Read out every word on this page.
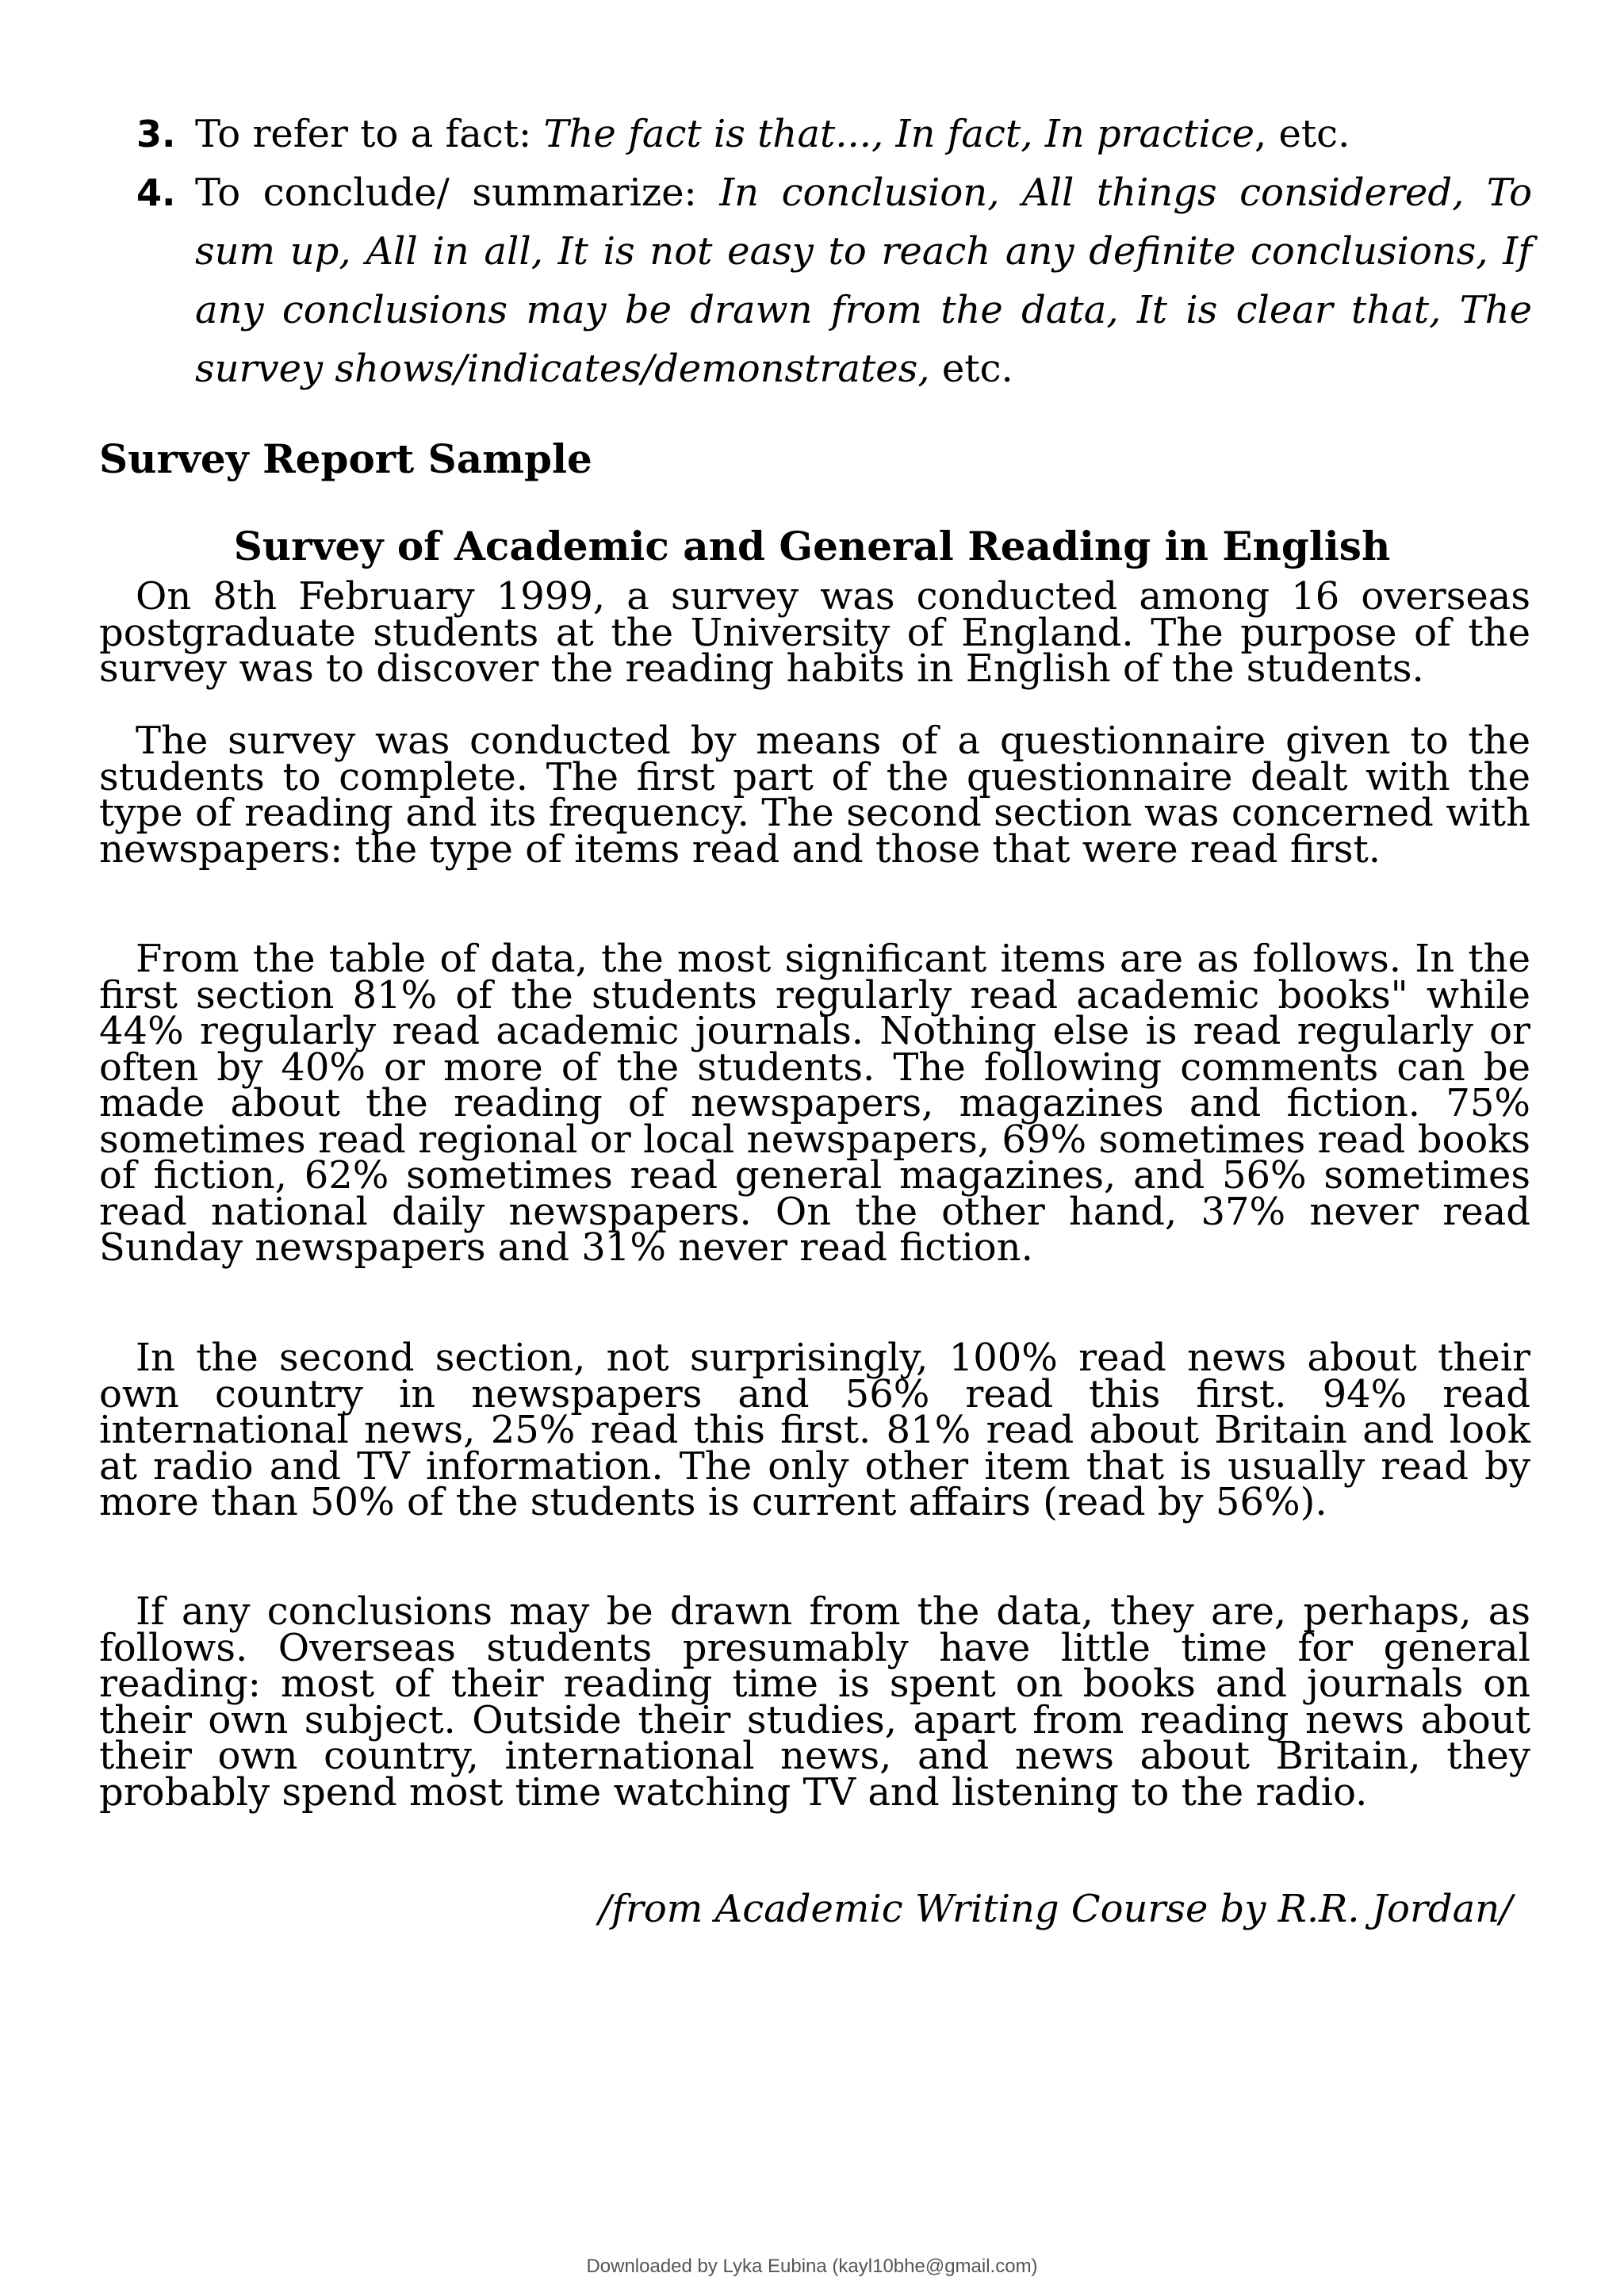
3. To refer to a fact: The fact is that..., In fact, In practice, etc.
4. To conclude/ summarize: In conclusion, All things considered, To sum up, All in all, It is not easy to reach any definite conclusions, If any conclusions may be drawn from the data, It is clear that, The survey shows/indicates/demonstrates, etc.
Survey Report Sample
Survey of Academic and General Reading in English

On 8th February 1999, a survey was conducted among 16 overseas postgraduate students at the University of England. The purpose of the survey was to discover the reading habits in English of the students.

The survey was conducted by means of a questionnaire given to the students to complete. The first part of the questionnaire dealt with the type of reading and its frequency. The second section was concerned with newspapers: the type of items read and those that were read first.

From the table of data, the most significant items are as follows. In the first section 81% of the students regularly read academic books" while 44% regularly read academic journals. Nothing else is read regularly or often by 40% or more of the students. The following comments can be made about the reading of newspapers, magazines and fiction. 75% sometimes read regional or local newspapers, 69% sometimes read books of fiction, 62% sometimes read general magazines, and 56% sometimes read national daily newspapers. On the other hand, 37% never read Sunday newspapers and 31% never read fiction.

In the second section, not surprisingly, 100% read news about their own country in newspapers and 56% read this first. 94% read international news, 25% read this first. 81% read about Britain and look at radio and TV information. The only other item that is usually read by more than 50% of the students is current affairs (read by 56%).

If any conclusions may be drawn from the data, they are, perhaps, as follows. Overseas students presumably have little time for general reading: most of their reading time is spent on books and journals on their own subject. Outside their studies, apart from reading news about their own country, international news, and news about Britain, they probably spend most time watching TV and listening to the radio.

/from Academic Writing Course by R.R. Jordan/

Downloaded by Lyka Eubina (kayl10bhe@gmail.com)
